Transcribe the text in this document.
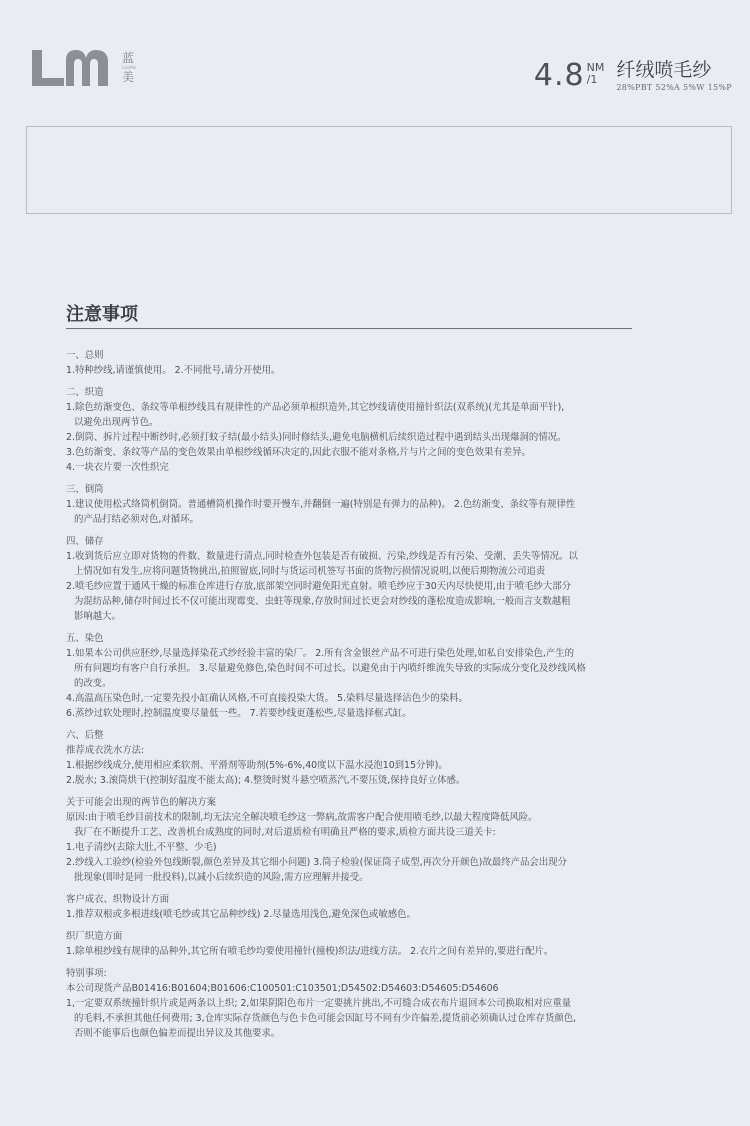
蓝
LanMei
美	4.8 NM
/1	纤绒喷毛纱
28%PBT 52%A 5%W 15%P
注意事项

一、总则

1.特种纱线,请谨慎使用。 2.不同批号,请分开使用。

二、织造

1.除色纺渐变色、条纹等单根纱线具有规律性的产品必须单根织造外,其它纱线请使用撞针织法(双系统)(尤其是单面平针),

以避免出现两节色。

2.倒筒、拆片过程中断纱时,必须打蚊子结(最小结头)同时修结头,避免电脑横机后续织造过程中遇到结头出现爆洞的情况。

3.色纺渐变、条纹等产品的变色效果由单根纱线循环决定的,因此衣服不能对条格,片与片之间的变色效果有差异。

4.一块衣片要一次性织完

三、倒筒

1.建议使用松式络筒机倒筒。普通槽筒机操作时要开慢车,并翻倒一遍(特别是有弹力的品种)。 2.色纺渐变、条纹等有规律性

的产品打结必须对色,对循环。

四、储存

1.收到货后应立即对货物的件数、数量进行清点,同时检查外包装是否有破损、污染,纱线是否有污染、受潮、丢失等情况。以

上情况如有发生,应将问题货物挑出,拍照留底,同时与货运司机签写书面的货物污损情况说明,以便后期物流公司追责

2.喷毛纱应置于通风干燥的标准仓库进行存放,底部架空同时避免阳光直射。喷毛纱应于30天内尽快使用,由于喷毛纱大部分

为混纺品种,储存时间过长不仅可能出现霉变、虫蛀等现象,存放时间过长更会对纱线的蓬松度造成影响,一般而言支数越粗

影响越大。

五、染色

1.如果本公司供应胚纱,尽量选择染花式纱经验丰富的染厂。 2.所有含金银丝产品不可进行染色处理,如私自安排染色,产生的

所有问题均有客户自行承担。 3.尽量避免修色,染色时间不可过长。以避免由于内喷纤维流失导致的实际成分变化及纱线风格

的改变。

4.高温高压染色时,一定要先投小缸确认风格,不可直接投染大货。 5.染料尽量选择沾色少的染料。

6.蒸纱过软处理时,控制温度要尽量低一些。 7.若要纱线更蓬松些,尽量选择框式缸。

六、后整

推荐成衣洗水方法:

1.根据纱线成分,使用相应柔软剂、平滑剂等助剂(5%-6%,40度以下温水浸泡10到15分钟)。

2.脱水; 3.滚筒烘干(控制好温度不能太高); 4.整烫时熨斗悬空喷蒸汽,不要压烫,保持良好立体感。

关于可能会出现的两节色的解决方案

原因:由于喷毛纱目前技术的限制,均无法完全解决喷毛纱这一弊病,故需客户配合使用喷毛纱,以最大程度降低风险。

我厂在不断提升工艺、改善机台成熟度的同时,对后道质检有明确且严格的要求,质检方面共设三道关卡:

1.电子清纱(去除大肚,不平整、少毛)

2.纱线入工验纱(检验外包线断裂,颜色差异及其它细小问题) 3.筒子检验(保证筒子成型,再次分开颜色)故最终产品会出现分

批现象(即时是同一批投料),以减小后续织造的风险,需方应理解并接受。

客户成衣、织物设计方面

1.推荐双根或多根进线(喷毛纱或其它品种纱线) 2.尽量选用浅色,避免深色或敏感色。

织厂织造方面

1.除单根纱线有规律的品种外,其它所有喷毛纱均要使用撞针(撞梭)织法/进线方法。 2.衣片之间有差异的,要进行配片。

特别事项:

本公司现货产品B01416:B01604;B01606:C100501:C103501;D54502:D54603:D54605:D54606

1,一定要双系统撞针织片或是两条以上织; 2,如果阴阳色布片一定要挑片挑出,不可缝合成衣布片退回本公司换取相对应重量

的毛料,不承担其他任何费用; 3,仓库实际存货颜色与色卡色可能会因缸号不同有少许偏差,提货前必须确认过仓库存货颜色,

否则不能事后也颜色偏差而提出异议及其他要求。
